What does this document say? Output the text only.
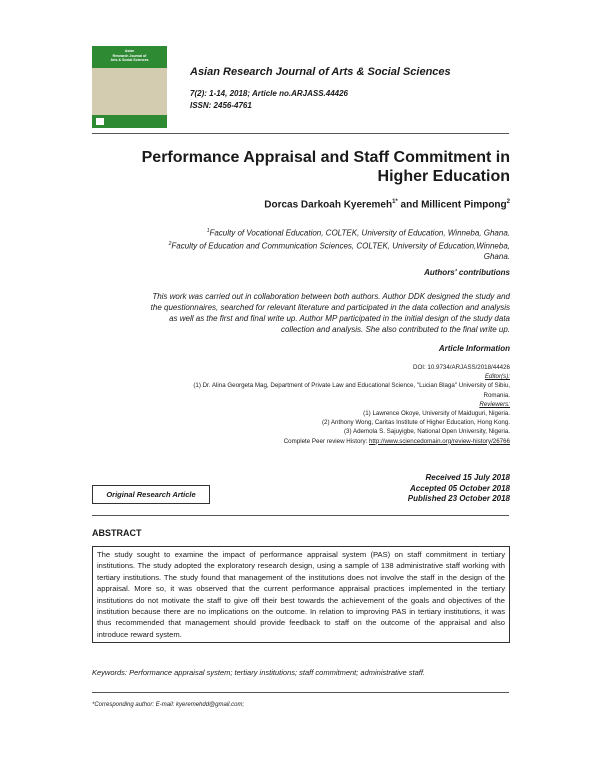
Asian
Research Journal of
Arts & Social Sciences
Asian Research Journal of Arts & Social Sciences
7(2): 1-14, 2018; Article no.ARJASS.44426
ISSN: 2456-4761
Performance Appraisal and Staff Commitment in
Higher Education
Dorcas Darkoah Kyeremeh$^{1*}$ and Millicent Pimpong$^2$
$^1$Faculty of Vocational Education, COLTEK, University of Education, Winneba, Ghana.
$^2$Faculty of Education and Communication Sciences, COLTEK, University of Education,Winneba,
Ghana.
Authors' contributions
This work was carried out in collaboration between both authors. Author DDK designed the study and
the questionnaires, searched for relevant literature and participated in the data collection and analysis
as well as the first and final write up. Author MP participated in the initial design of the study data
collection and analysis. She also contributed to the final write up.
Article Information
DOI: 10.9734/ARJASS/2018/44426
Editor(s):
(1) Dr. Alina Georgeta Mag, Department of Private Law and Educational Science, "Lucian Blaga" University of Sibiu,
Romania.
Reviewers:
(1) Lawrence Okoye, University of Maiduguri, Nigeria.
(2) Anthony Wong, Caritas Institute of Higher Education, Hong Kong.
(3) Ademola S. Sajuyigbe, National Open University, Nigeria.
Complete Peer review History: http://www.sciencedomain.org/review-history/26766
Received 15 July 2018
Accepted 05 October 2018
Published 23 October 2018
Original Research Article
ABSTRACT
The study sought to examine the impact of performance appraisal system (PAS) on staff commitment in tertiary institutions. The study adopted the exploratory research design, using a sample of 138 administrative staff working with tertiary institutions. The study found that management of the institutions does not involve the staff in the design of the appraisal. More so, it was observed that the current performance appraisal practices implemented in the tertiary institutions do not motivate the staff to give off their best towards the achievement of the goals and objectives of the institution because there are no implications on the outcome. In relation to improving PAS in tertiary institutions, it was thus recommended that management should provide feedback to staff on the outcome of the appraisal and also introduce reward system.
Keywords: Performance appraisal system; tertiary institutions; staff commitment; administrative staff.
*Corresponding author: E-mail: kyeremehdd@gmail.com;
